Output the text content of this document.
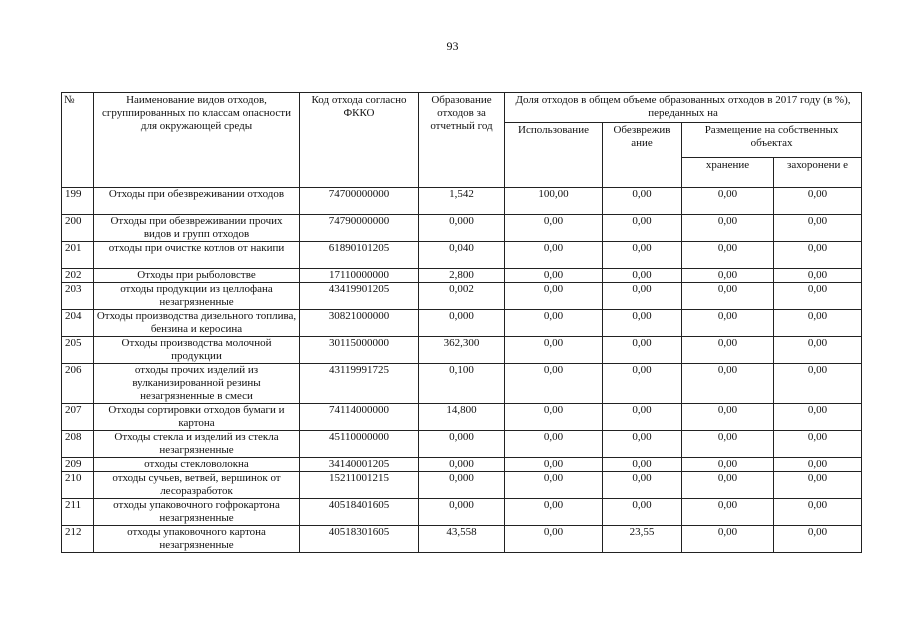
93
№	Наименование видов отходов, сгруппированных по классам опасности для окружающей среды	Код отхода согласно ФККО	Образование отходов за отчетный год	Доля отходов в общем объеме образованных отходов в 2017 году (в %), переданных на			
				Использование	Обезврежив ание	Размещение на собственных объектах	
						хранение	захоронени е
199	Отходы при обезвреживании отходов	74700000000	1,542	100,00	0,00	0,00	0,00
200	Отходы при обезвреживании прочих видов и групп отходов	74790000000	0,000	0,00	0,00	0,00	0,00
201	отходы при очистке котлов от накипи	61890101205	0,040	0,00	0,00	0,00	0,00
202	Отходы при рыболовстве	17110000000	2,800	0,00	0,00	0,00	0,00
203	отходы продукции из целлофана незагрязненные	43419901205	0,002	0,00	0,00	0,00	0,00
204	Отходы производства дизельного топлива, бензина и керосина	30821000000	0,000	0,00	0,00	0,00	0,00
205	Отходы производства молочной продукции	30115000000	362,300	0,00	0,00	0,00	0,00
206	отходы прочих изделий из вулканизированной резины незагрязненные в смеси	43119991725	0,100	0,00	0,00	0,00	0,00
207	Отходы сортировки отходов бумаги и картона	74114000000	14,800	0,00	0,00	0,00	0,00
208	Отходы стекла и изделий из стекла незагрязненные	45110000000	0,000	0,00	0,00	0,00	0,00
209	отходы стекловолокна	34140001205	0,000	0,00	0,00	0,00	0,00
210	отходы сучьев, ветвей, вершинок от лесоразработок	15211001215	0,000	0,00	0,00	0,00	0,00
211	отходы упаковочного гофрокартона незагрязненные	40518401605	0,000	0,00	0,00	0,00	0,00
212	отходы упаковочного картона незагрязненные	40518301605	43,558	0,00	23,55	0,00	0,00
